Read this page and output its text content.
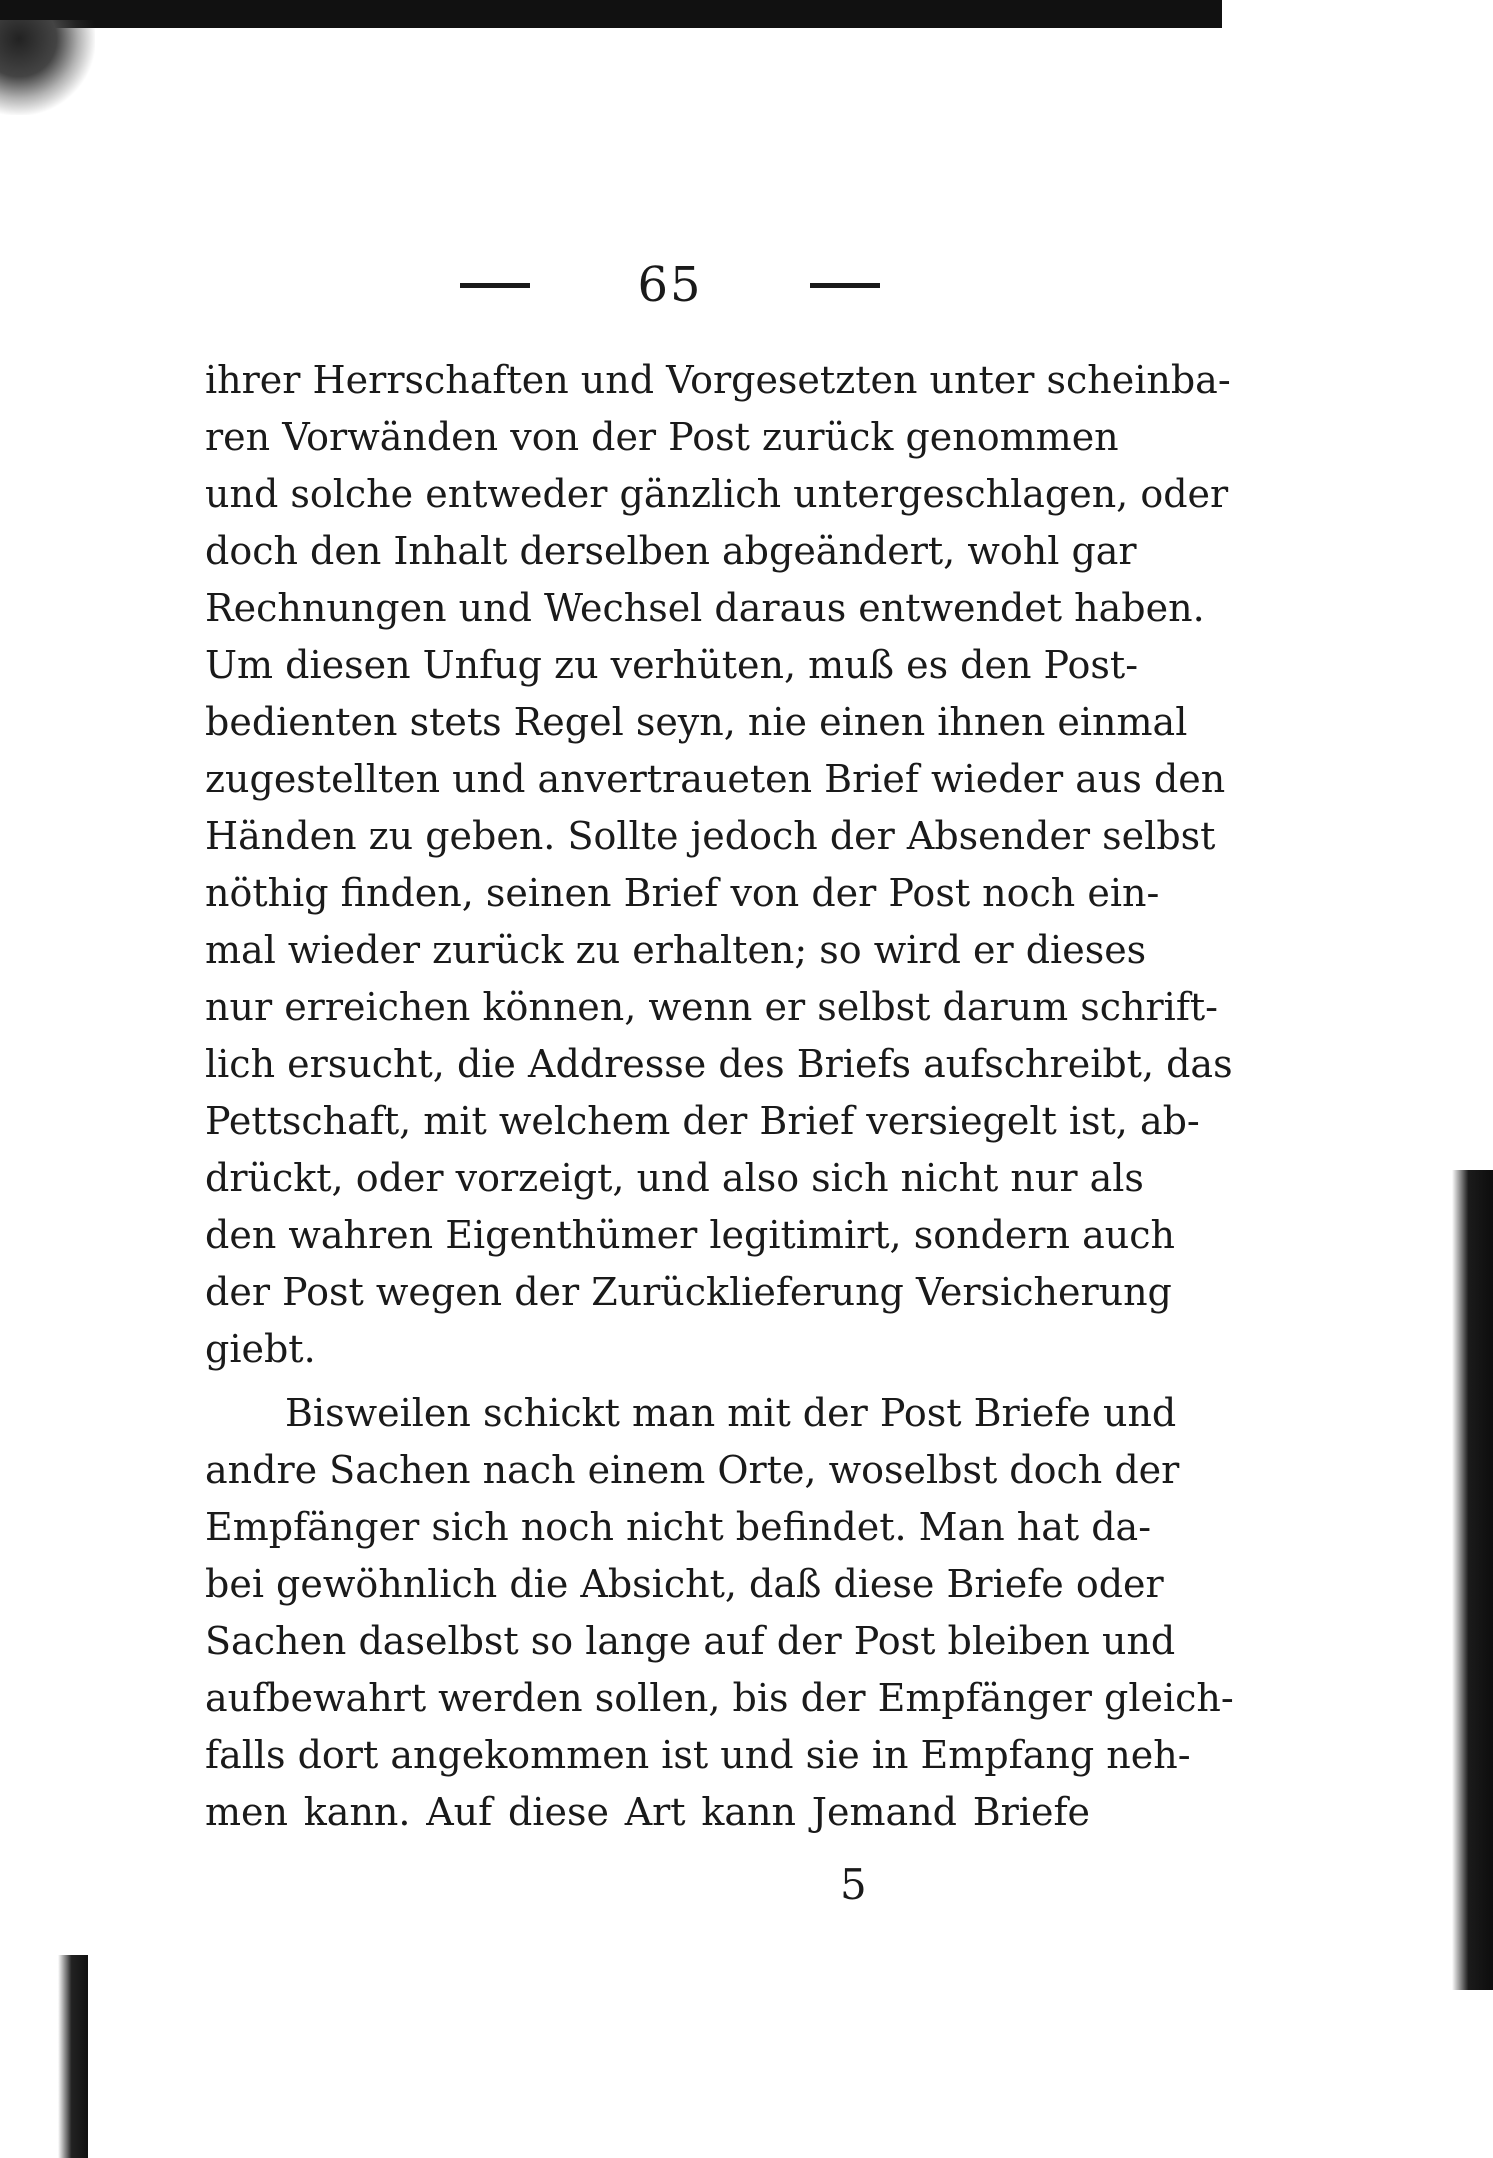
65
ihrer Herrschaften und Vorgesetzten unter scheinba-
ren Vorwänden von der Post zurück genommen
und solche entweder gänzlich untergeschlagen, oder
doch den Inhalt derselben abgeändert, wohl gar
Rechnungen und Wechsel daraus entwendet haben.
Um diesen Unfug zu verhüten, muß es den Post-
bedienten stets Regel seyn, nie einen ihnen einmal
zugestellten und anvertraueten Brief wieder aus den
Händen zu geben. Sollte jedoch der Absender selbst
nöthig finden, seinen Brief von der Post noch ein-
mal wieder zurück zu erhalten; so wird er dieses
nur erreichen können, wenn er selbst darum schrift-
lich ersucht, die Addresse des Briefs aufschreibt, das
Pettschaft, mit welchem der Brief versiegelt ist, ab-
drückt, oder vorzeigt, und also sich nicht nur als
den wahren Eigenthümer legitimirt, sondern auch
der Post wegen der Zurücklieferung Versicherung
giebt.
Bisweilen schickt man mit der Post Briefe und
andre Sachen nach einem Orte, woselbst doch der
Empfänger sich noch nicht befindet. Man hat da-
bei gewöhnlich die Absicht, daß diese Briefe oder
Sachen daselbst so lange auf der Post bleiben und
aufbewahrt werden sollen, bis der Empfänger gleich-
falls dort angekommen ist und sie in Empfang neh-
men kann. Auf diese Art kann Jemand Briefe
5
